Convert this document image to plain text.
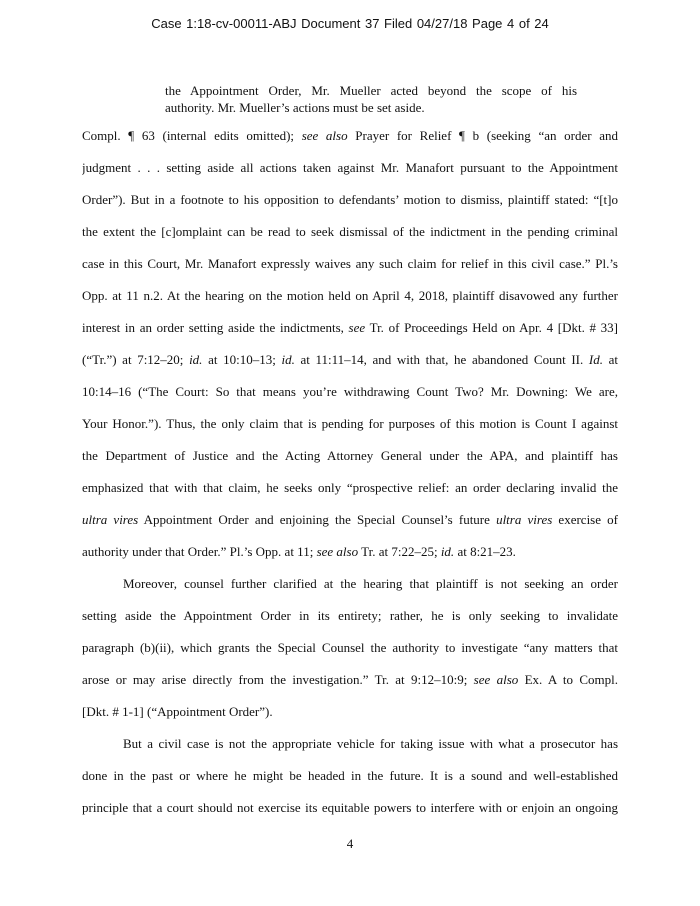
Case 1:18-cv-00011-ABJ Document 37 Filed 04/27/18 Page 4 of 24
the Appointment Order, Mr. Mueller acted beyond the scope of his
authority. Mr. Mueller’s actions must be set aside.
Compl. ¶ 63 (internal edits omitted); see also Prayer for Relief ¶ b (seeking “an order and
judgment . . . setting aside all actions taken against Mr. Manafort pursuant to the Appointment
Order”). But in a footnote to his opposition to defendants’ motion to dismiss, plaintiff stated: “[t]o
the extent the [c]omplaint can be read to seek dismissal of the indictment in the pending criminal
case in this Court, Mr. Manafort expressly waives any such claim for relief in this civil case.” Pl.’s
Opp. at 11 n.2. At the hearing on the motion held on April 4, 2018, plaintiff disavowed any further
interest in an order setting aside the indictments, see Tr. of Proceedings Held on Apr. 4 [Dkt. # 33]
(“Tr.”) at 7:12–20; id. at 10:10–13; id. at 11:11–14, and with that, he abandoned Count II. Id. at
10:14–16 (“The Court: So that means you’re withdrawing Count Two? Mr. Downing: We are,
Your Honor.”). Thus, the only claim that is pending for purposes of this motion is Count I against
the Department of Justice and the Acting Attorney General under the APA, and plaintiff has
emphasized that with that claim, he seeks only “prospective relief: an order declaring invalid the
ultra vires Appointment Order and enjoining the Special Counsel’s future ultra vires exercise of
authority under that Order.” Pl.’s Opp. at 11; see also Tr. at 7:22–25; id. at 8:21–23.
Moreover, counsel further clarified at the hearing that plaintiff is not seeking an order
setting aside the Appointment Order in its entirety; rather, he is only seeking to invalidate
paragraph (b)(ii), which grants the Special Counsel the authority to investigate “any matters that
arose or may arise directly from the investigation.” Tr. at 9:12–10:9; see also Ex. A to Compl.
[Dkt. # 1-1] (“Appointment Order”).
But a civil case is not the appropriate vehicle for taking issue with what a prosecutor has
done in the past or where he might be headed in the future. It is a sound and well-established
principle that a court should not exercise its equitable powers to interfere with or enjoin an ongoing
4
